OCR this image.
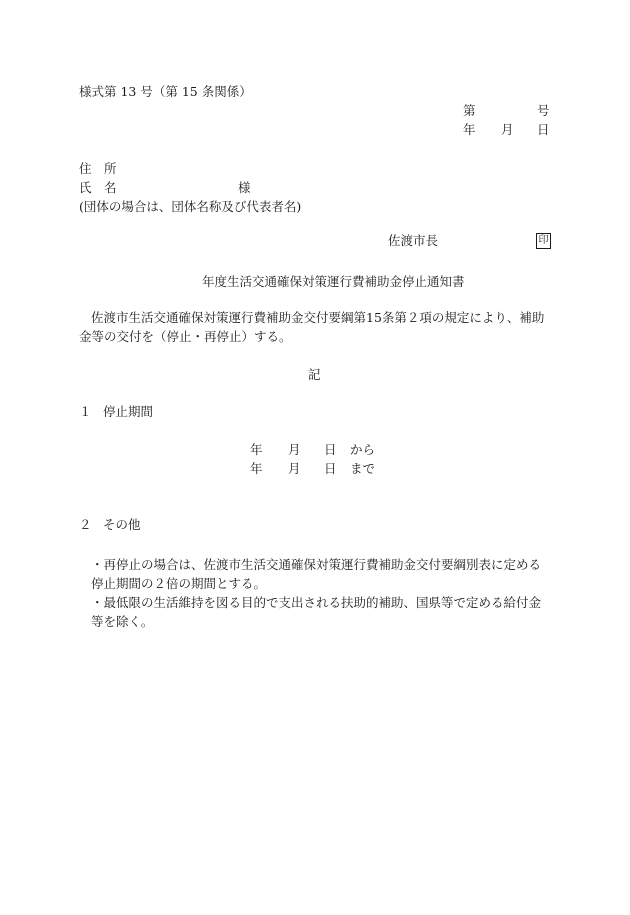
様式第 13 号（第 15 条関係）
第	号
年 月 日
住　所
氏　名	様
(団体の場合は、団体名称及び代表者名)
佐渡市長	印
年度生活交通確保対策運行費補助金停止通知書
佐渡市生活交通確保対策運行費補助金交付要綱第15条第２項の規定により、補助金等の交付を（停止・再停止）する。
記
１ 停止期間
年 月 日 から
年 月 日 まで
２ その他
・再停止の場合は、佐渡市生活交通確保対策運行費補助金交付要綱別表に定める停止期間の２倍の期間とする。
・最低限の生活維持を図る目的で支出される扶助的補助、国県等で定める給付金等を除く。
